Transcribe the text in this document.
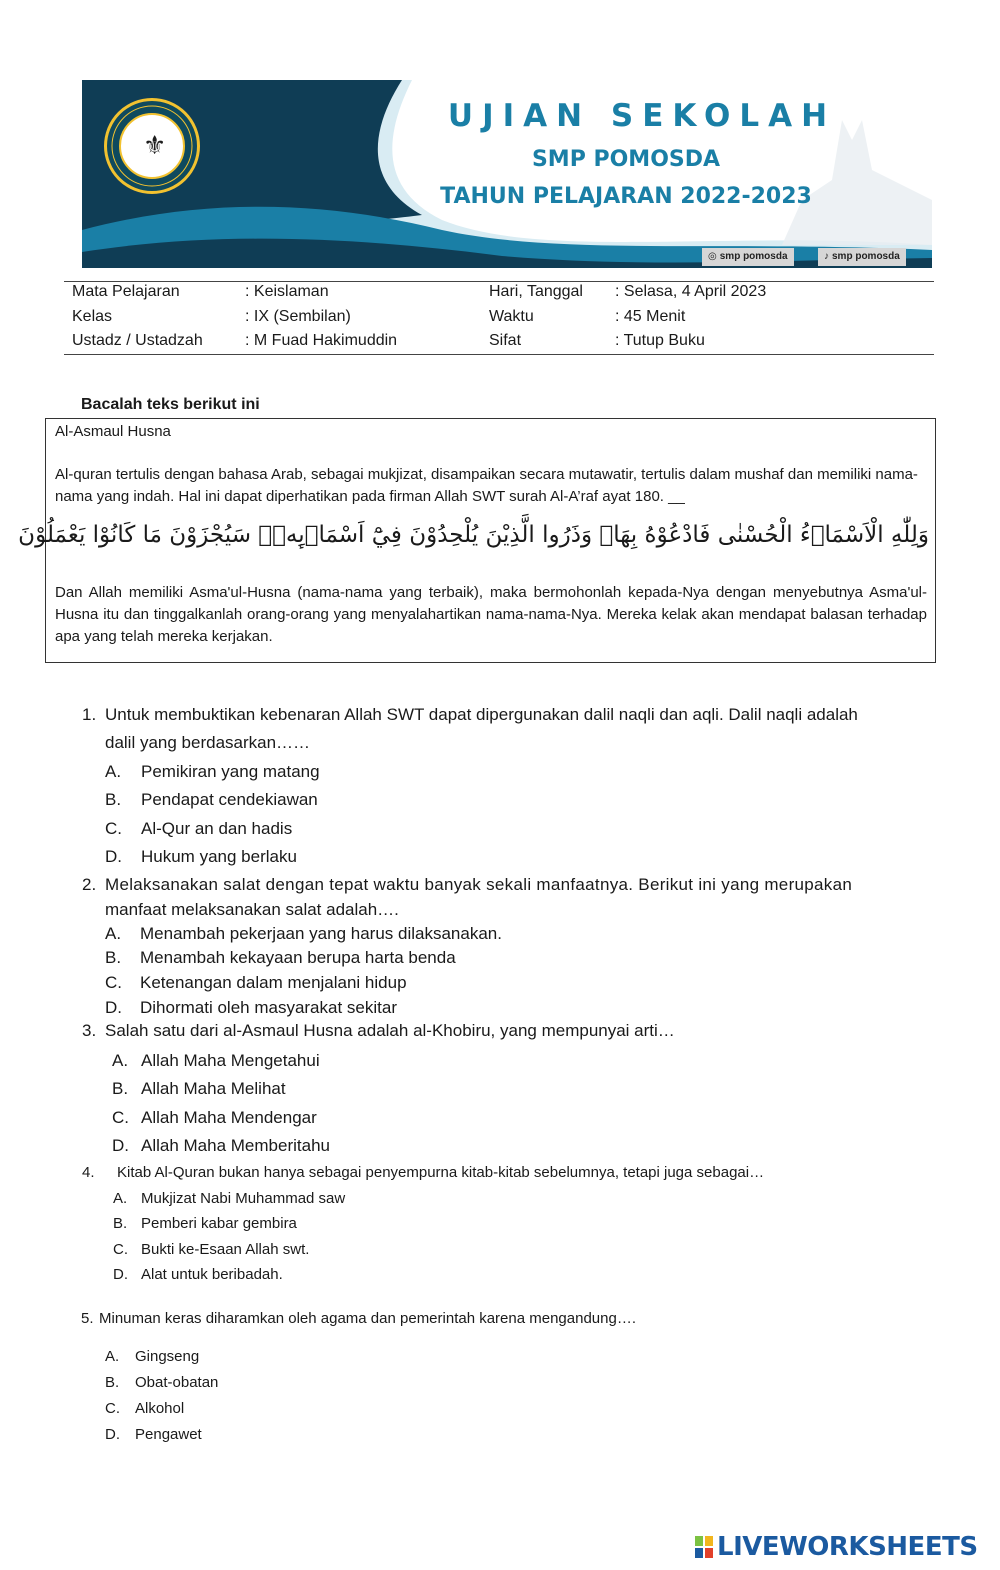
⚜
UJIAN SEKOLAH
SMP POMOSDA
TAHUN PELAJARAN 2022-2023
◎ smp pomosda	♪ smp pomosda
Mata Pelajaran	: Keislaman	Hari, Tanggal : Selasa, 4 April 2023
Kelas	: IX (Sembilan)	Waktu	: 45 Menit
Ustadz / Ustadzah	: M Fuad Hakimuddin	Sifat	: Tutup Buku
Bacalah teks berikut ini
Al-Asmaul Husna
Al-quran tertulis dengan bahasa Arab, sebagai mukjizat, disampaikan secara mutawatir, tertulis dalam mushaf dan memiliki nama-nama yang indah. Hal ini dapat diperhatikan pada firman Allah SWT surah Al-A’raf ayat 180. __
وَلِلّٰهِ الْاَسْمَاۤءُ الْحُسْنٰى فَادْعُوْهُ بِهَاۖ وَذَرُوا الَّذِيْنَ يُلْحِدُوْنَ فِيْٓ اَسْمَاۤىِٕهٖۗ سَيُجْزَوْنَ مَا كَانُوْا يَعْمَلُوْنَ
Dan Allah memiliki Asma'ul-Husna (nama-nama yang terbaik), maka bermohonlah kepada-Nya dengan menyebutnya Asma'ul-Husna itu dan tinggalkanlah orang-orang yang menyalahartikan nama-nama-Nya. Mereka kelak akan mendapat balasan terhadap apa yang telah mereka kerjakan.
1. Untuk membuktikan kebenaran Allah SWT dapat dipergunakan dalil naqli dan aqli. Dalil naqli adalah
dalil yang berdasarkan……
A. Pemikiran yang matang
B. Pendapat cendekiawan
C. Al-Qur an dan hadis
D. Hukum yang berlaku
2. Melaksanakan salat dengan tepat waktu banyak sekali manfaatnya. Berikut ini yang merupakan
manfaat melaksanakan salat adalah….
A. Menambah pekerjaan yang harus dilaksanakan.
B. Menambah kekayaan berupa harta benda
C. Ketenangan dalam menjalani hidup
D. Dihormati oleh masyarakat sekitar
3. Salah satu dari al-Asmaul Husna adalah al-Khobiru, yang mempunyai arti…
A. Allah Maha Mengetahui
B. Allah Maha Melihat
C. Allah Maha Mendengar
D. Allah Maha Memberitahu
4. Kitab Al-Quran bukan hanya sebagai penyempurna kitab-kitab sebelumnya, tetapi juga sebagai…
A. Mukjizat Nabi Muhammad saw
B. Pemberi kabar gembira
C. Bukti ke-Esaan Allah swt.
D. Alat untuk beribadah.
5. Minuman keras diharamkan oleh agama dan pemerintah karena mengandung….
A. Gingseng
B. Obat-obatan
C. Alkohol
D. Pengawet
LIVEWORKSHEETS
